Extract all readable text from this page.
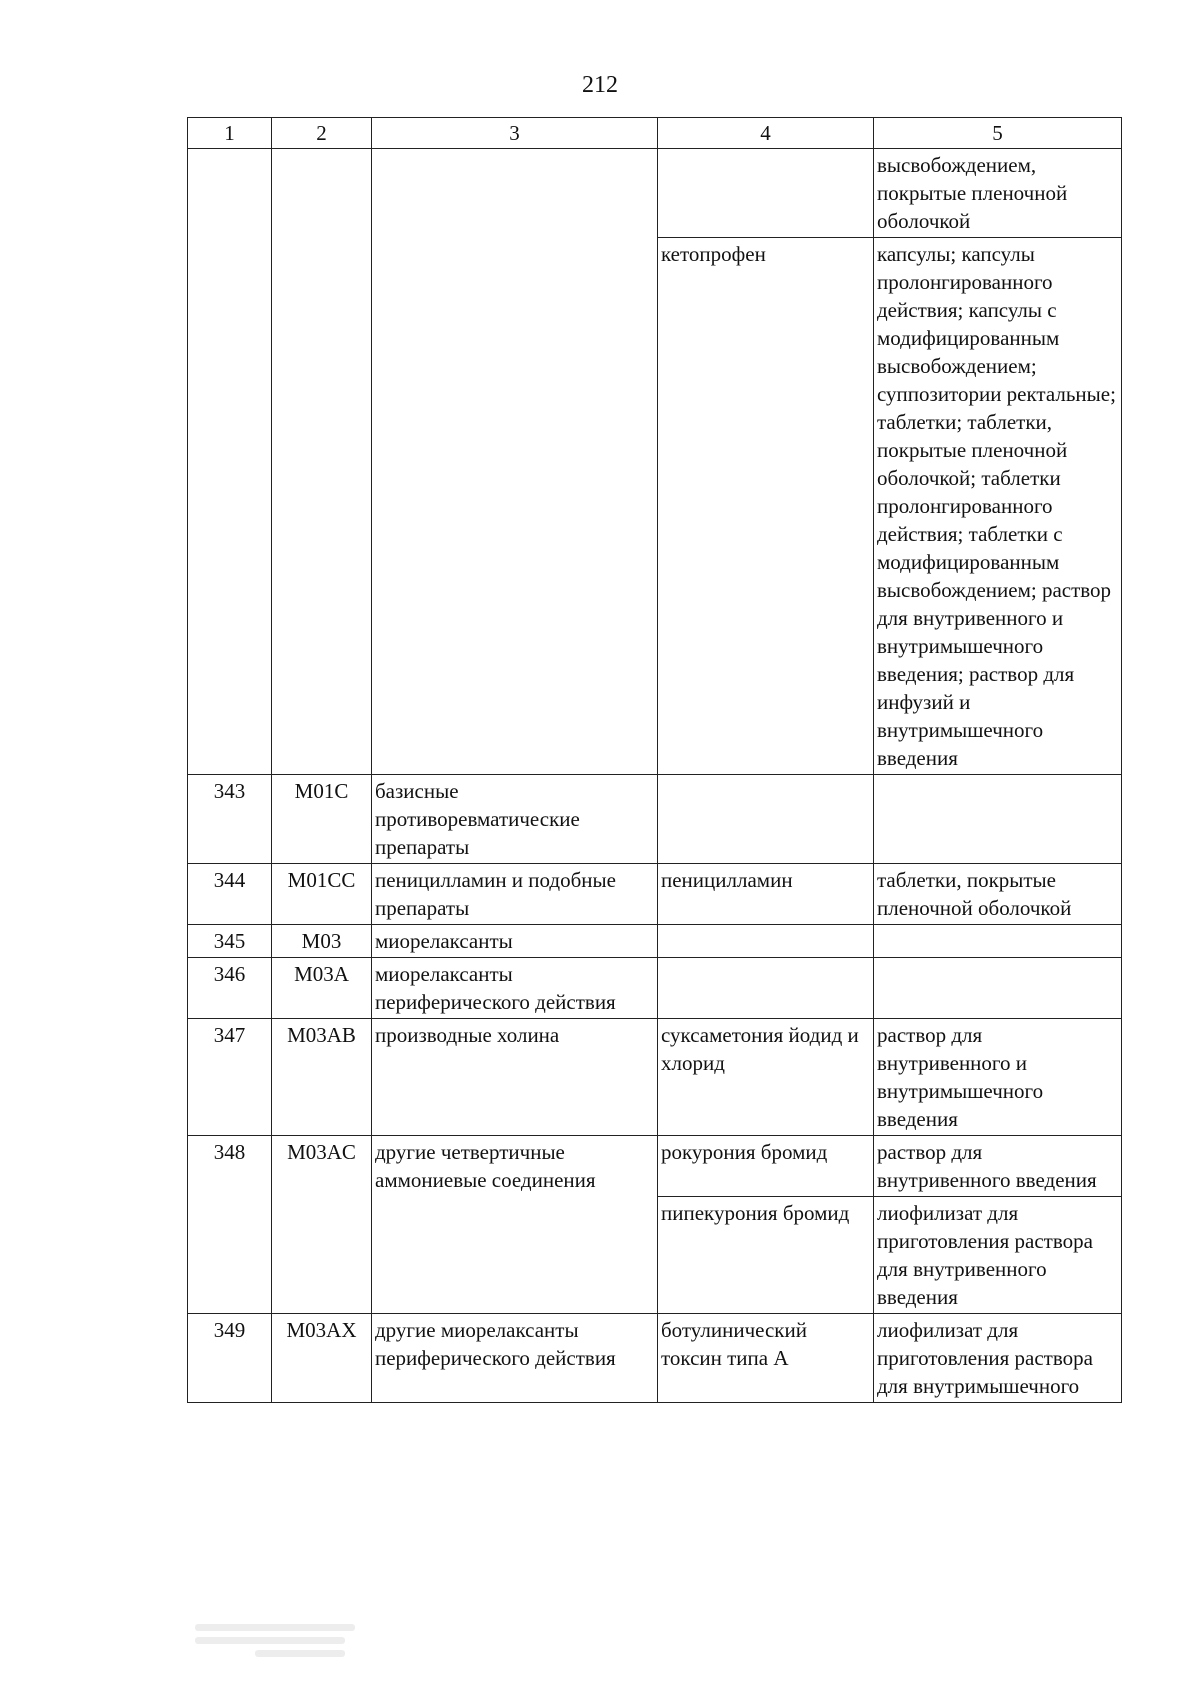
212
1	2	3	4	5
				высвобождением, покрытые пленочной оболочкой
			кетопрофен	капсулы; капсулы пролонгированного действия; капсулы с модифицированным высвобождением; суппозитории ректальные; таблетки; таблетки, покрытые пленочной оболочкой; таблетки пролонгированного действия; таблетки с модифицированным высвобождением; раствор для внутривенного и внутримышечного введения; раствор для инфузий и внутримышечного введения
343	M01C	базисные противоревматические препараты		
344	M01CC	пеницилламин и подобные препараты	пеницилламин	таблетки, покрытые пленочной оболочкой
345	M03	миорелаксанты		
346	M03A	миорелаксанты периферического действия		
347	M03AB	производные холина	суксаметония йодид и хлорид	раствор для внутривенного и внутримышечного введения
348	M03AC	другие четвертичные аммониевые соединения	рокурония бромид	раствор для внутривенного введения
			пипекурония бромид	лиофилизат для приготовления раствора для внутривенного введения
349	M03AX	другие миорелаксанты периферического действия	ботулинический токсин типа А	лиофилизат для приготовления раствора для внутримышечного
